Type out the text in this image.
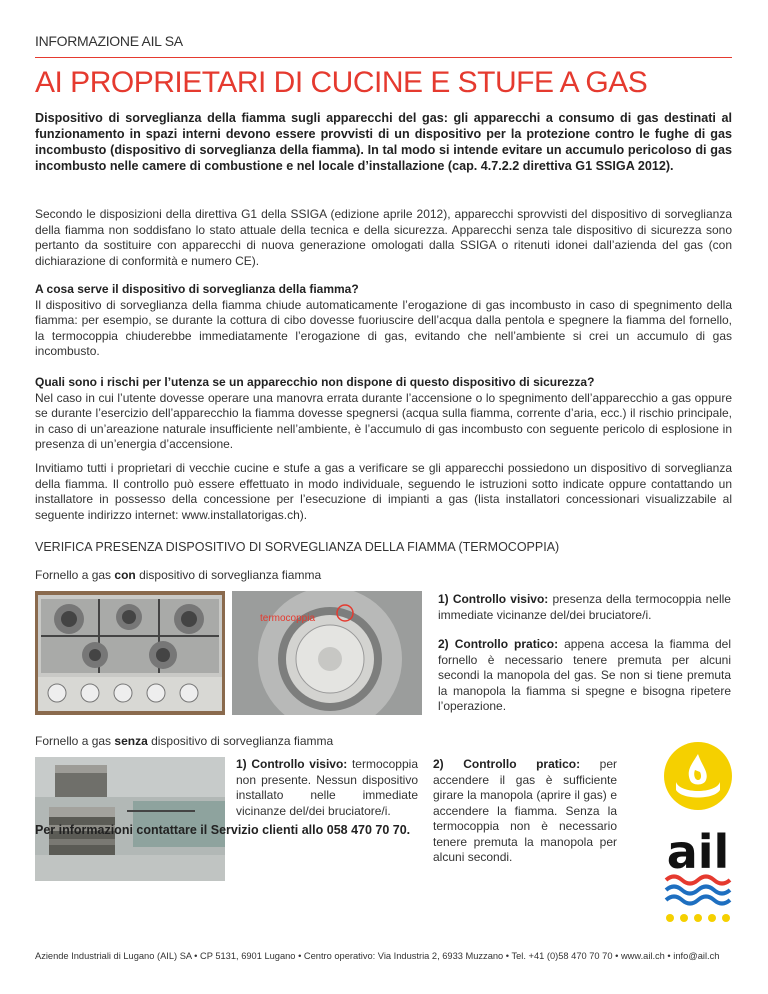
INFORMAZIONE AIL SA
AI PROPRIETARI DI CUCINE E STUFE A GAS
Dispositivo di sorveglianza della fiamma sugli apparecchi del gas: gli apparecchi a consumo di gas destinati al funzionamento in spazi interni devono essere provvisti di un dispositivo per la protezione contro le fughe di gas incombusto (dispositivo di sorveglianza della fiamma). In tal modo si intende evitare un accumulo pericoloso di gas incombusto nelle camere di combustione e nel locale d’installazione (cap. 4.7.2.2 direttiva G1 SSIGA 2012).
Secondo le disposizioni della direttiva G1 della SSIGA (edizione aprile 2012), apparecchi sprovvisti del dispositivo di sorveglianza della fiamma non soddisfano lo stato attuale della tecnica e della sicurezza. Apparecchi senza tale dispositivo di sicurezza sono pertanto da sostituire con apparecchi di nuova generazione omologati dalla SSIGA o ritenuti idonei dall’azienda del gas (con dichiarazione di conformità e numero CE).
A cosa serve il dispositivo di sorveglianza della fiamma?
Il dispositivo di sorveglianza della fiamma chiude automaticamente l’erogazione di gas incombusto in caso di spegnimento della fiamma: per esempio, se durante la cottura di cibo dovesse fuoriuscire dell’acqua dalla pentola e spegnere la fiamma del fornello, la termocoppia chiuderebbe immediatamente l’erogazione di gas, evitando che nell’ambiente si crei un accumulo di gas incombusto.
Quali sono i rischi per l’utenza se un apparecchio non dispone di questo dispositivo di sicurezza?
Nel caso in cui l’utente dovesse operare una manovra errata durante l’accensione o lo spegnimento dell’apparecchio a gas oppure se durante l’esercizio dell’apparecchio la fiamma dovesse spegnersi (acqua sulla fiamma, corrente d’aria, ecc.) il rischio principale, in caso di un’areazione naturale insufficiente nell’ambiente, è l’accumulo di gas incombusto con seguente pericolo di esplosione in presenza di un’energia d’accensione.
Invitiamo tutti i proprietari di vecchie cucine e stufe a gas a verificare se gli apparecchi possiedono un dispositivo di sorveglianza della fiamma. Il controllo può essere effettuato in modo individuale, seguendo le istruzioni sotto indicate oppure contattando un installatore in possesso della concessione per l’esecuzione di impianti a gas (lista installatori concessionari visualizzabile al seguente indirizzo internet: www.installatorigas.ch).
VERIFICA PRESENZA DISPOSITIVO DI SORVEGLIANZA DELLA FIAMMA (TERMOCOPPIA)
Fornello a gas con dispositivo di sorveglianza fiamma
termocoppia
1) Controllo visivo: presenza della termocoppia nelle immediate vicinanze del/dei bruciatore/i.
2) Controllo pratico: appena accesa la fiamma del fornello è necessario tenere premuta per alcuni secondi la manopola del gas. Se non si tiene premuta la manopola la fiamma si spegne e bisogna ripetere l’operazione.
Fornello a gas senza dispositivo di sorveglianza fiamma
1) Controllo visivo: termocoppia non presente. Nessun dispositivo installato nelle immediate vicinanze del/dei bruciatore/i.
2) Controllo pratico: per accendere il gas è sufficiente girare la manopola (aprire il gas) e accendere la fiamma. Senza la termocoppia non è necessario tenere premuta la manopola per alcuni secondi.	ail
Per informazioni contattare il Servizio clienti allo 058 470 70 70.
Aziende Industriali di Lugano (AIL) SA • CP 5131, 6901 Lugano • Centro operativo: Via Industria 2, 6933 Muzzano • Tel. +41 (0)58 470 70 70 • www.ail.ch • info@ail.ch
